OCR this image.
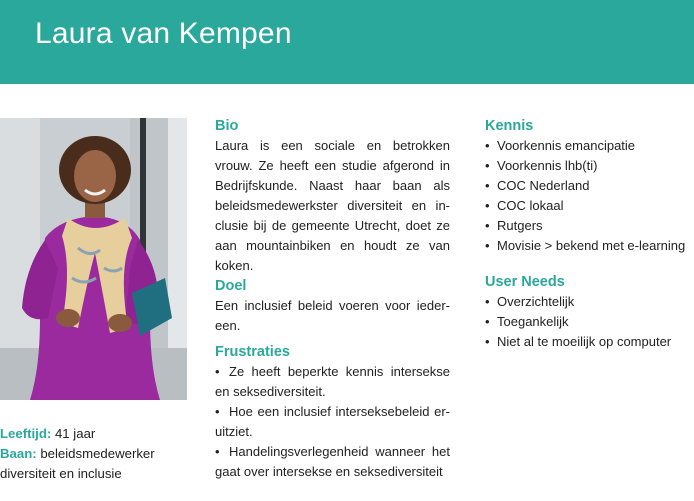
Laura van Kempen
Leeftijd: 41 jaar
Baan: beleidsmedewerker
diversiteit en inclusie

Bio

Laura is een sociale en betrokken vrouw. Ze heeft een studie afgerond in Bedrijfskunde. Naast haar baan als beleidsmedewerkster diversiteit en in-clusie bij de gemeente Utrecht, doet ze aan mountainbiken en houdt ze van koken.

Doel

Een inclusief beleid voeren voor ieder-een.

Frustraties

• Ze heeft beperkte kennis intersekse en seksediversiteit.

• Hoe een inclusief interseksebeleid er-uitziet.

• Handelingsverlegenheid wanneer het gaat over intersekse en seksediversiteit

Kennis

• Voorkennis emancipatie
• Voorkennis lhb(ti)
• COC Nederland
• COC lokaal
• Rutgers
• Movisie > bekend met e-learning

User Needs

• Overzichtelijk
• Toegankelijk
• Niet al te moeilijk op computer
